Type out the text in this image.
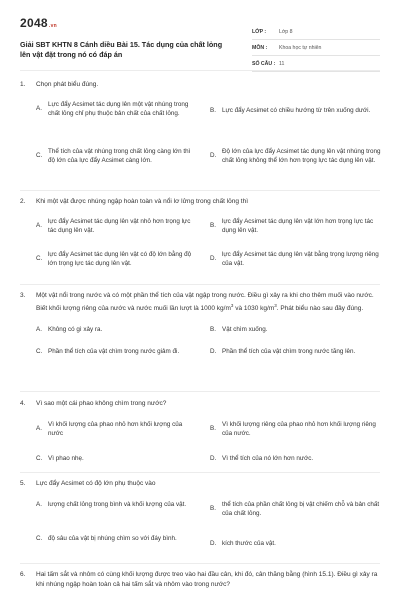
2048.vn
Giải SBT KHTN 8 Cánh diều Bài 15. Tác dụng của chất lỏng lên vật đặt trong nó có đáp án
LỚP :	Lớp 8
MÔN :	Khoa học tự nhiên
SỐ CÂU : 11
1.	Chọn phát biểu đúng.
A.
Lực đẩy Acsimet tác dụng lên một vật nhúng trong chất lỏng chỉ phụ thuộc bản chất của chất lỏng.	B. Lực đẩy Acsimet có chiều hướng từ trên xuống dưới.
C.
Thể tích của vật nhúng trong chất lỏng càng lớn thì độ lớn của lực đẩy Acsimet càng lớn.
D.
Độ lớn của lực đẩy Acsimet tác dụng lên vật nhúng trong chất lỏng không thể lớn hơn trọng lực tác dụng lên vật.
2.	Khi một vật được nhúng ngập hoàn toàn và nổi lơ lửng trong chất lỏng thì
A.
lực đẩy Acsimet tác dụng lên vật nhỏ hơn trọng lực tác dụng lên vật.
B.
lực đẩy Acsimet tác dụng lên vật lớn hơn trọng lực tác dụng lên vật.
C.
lực đẩy Acsimet tác dụng lên vật có độ lớn bằng độ lớn trọng lực tác dụng lên vật.
D.
lực đẩy Acsimet tác dụng lên vật bằng trọng lượng riêng của vật.
3.	Một vật nổi trong nước và có một phần thể tích của vật ngập trong nước. Điều gì xảy ra khi cho thêm muối vào nước. Biết khối lượng riêng của nước và nước muối lần lượt là 1000 $kg/m^3$ và 1030 $kg/m^3$. Phát biểu nào sau đây đúng.
A. Không có gì xảy ra.	B. Vật chìm xuống.
C. Phần thể tích của vật chìm trong nước giảm đi.	D. Phần thể tích của vật chìm trong nước tăng lên.
4.	Vì sao một cái phao không chìm trong nước?
A.
Vì khối lượng của phao nhỏ hơn khối lượng của nước
B.
Vì khối lượng riêng của phao nhỏ hơn khối lượng riêng của nước.
C. Vì phao nhẹ.	D. Vì thể tích của nó lớn hơn nước.
5.	Lực đẩy Acsimet có độ lớn phụ thuộc vào
A. lượng chất lỏng trong bình và khối lượng của vật.
B.
thể tích của phần chất lỏng bị vật chiếm chỗ và bản chất của chất lỏng.
C. độ sâu của vật bị nhúng chìm so với đáy bình.
D. kích thước của vật.
6.	Hai tấm sắt và nhôm có cùng khối lượng được treo vào hai đầu cân, khi đó, cân thăng bằng (hình 15.1). Điều gì xảy ra khi nhúng ngập hoàn toàn cả hai tấm sắt và nhôm vào trong nước?
